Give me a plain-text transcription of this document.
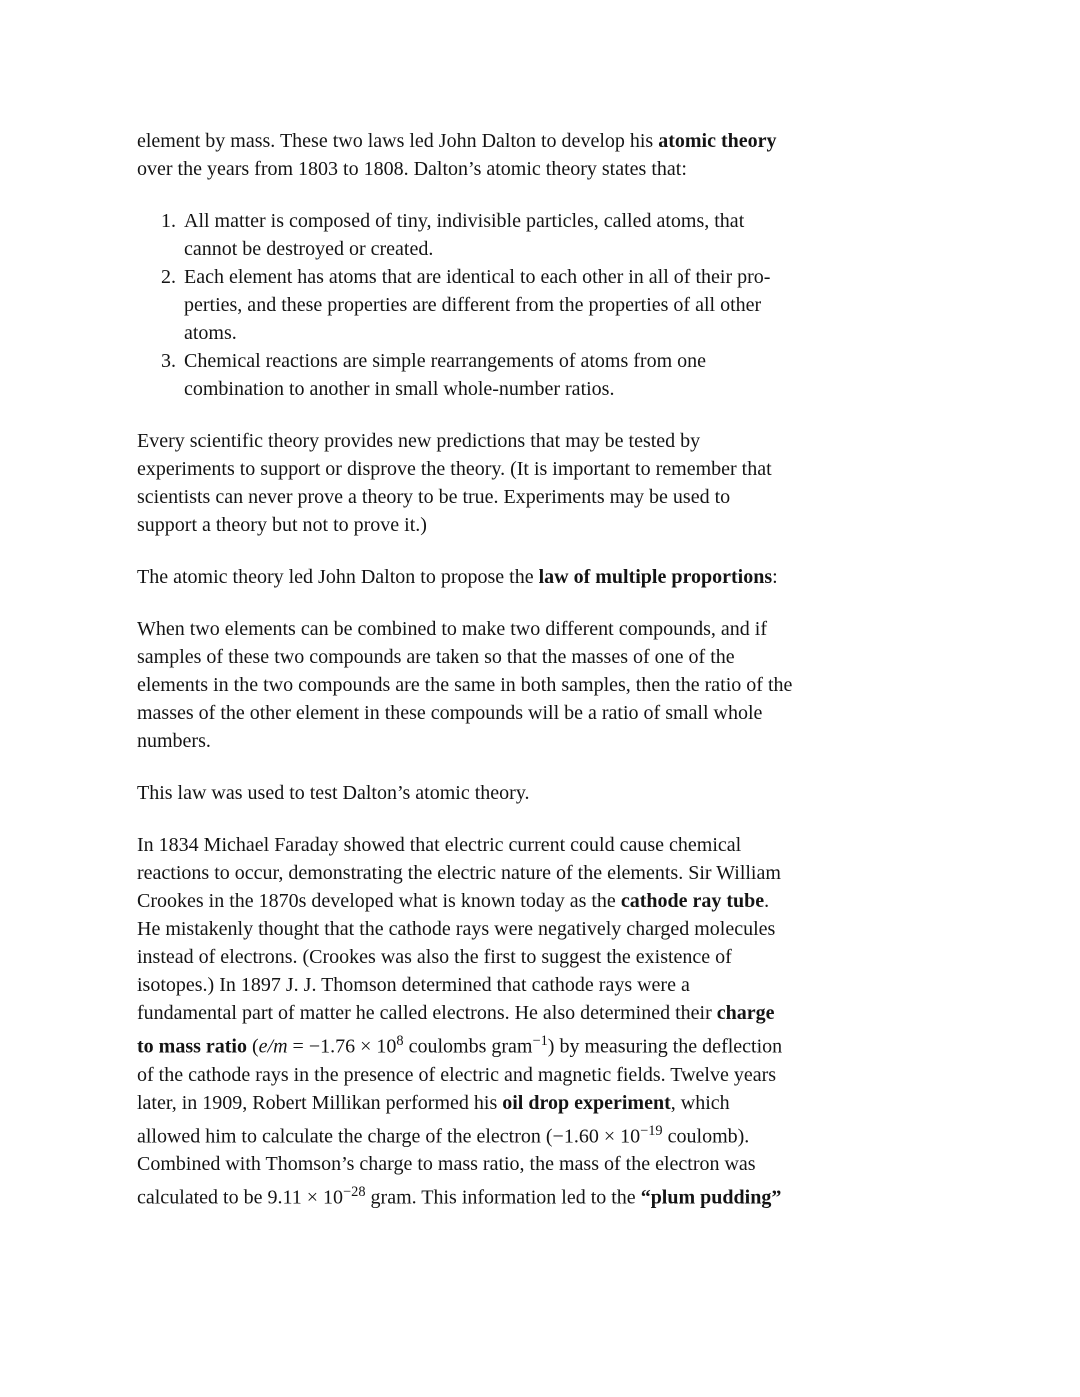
element by mass. These two laws led John Dalton to develop his atomic theory
over the years from 1803 to 1808. Dalton’s atomic theory states that:
1. All matter is composed of tiny, indivisible particles, called atoms, that
cannot be destroyed or created.
2. Each element has atoms that are identical to each other in all of their pro-
perties, and these properties are different from the properties of all other
atoms.
3. Chemical reactions are simple rearrangements of atoms from one
combination to another in small whole-number ratios.
Every scientific theory provides new predictions that may be tested by
experiments to support or disprove the theory. (It is important to remember that
scientists can never prove a theory to be true. Experiments may be used to
support a theory but not to prove it.)
The atomic theory led John Dalton to propose the law of multiple proportions:
When two elements can be combined to make two different compounds, and if
samples of these two compounds are taken so that the masses of one of the
elements in the two compounds are the same in both samples, then the ratio of the
masses of the other element in these compounds will be a ratio of small whole
numbers.
This law was used to test Dalton’s atomic theory.
In 1834 Michael Faraday showed that electric current could cause chemical
reactions to occur, demonstrating the electric nature of the elements. Sir William
Crookes in the 1870s developed what is known today as the cathode ray tube.
He mistakenly thought that the cathode rays were negatively charged molecules
instead of electrons. (Crookes was also the first to suggest the existence of
isotopes.) In 1897 J. J. Thomson determined that cathode rays were a
fundamental part of matter he called electrons. He also determined their charge
to mass ratio ($e/m = -1.76 \times 10^8$ coulombs gram$^{-1}$) by measuring the deflection
of the cathode rays in the presence of electric and magnetic fields. Twelve years
later, in 1909, Robert Millikan performed his oil drop experiment, which
allowed him to calculate the charge of the electron ($-1.60 \times 10^{-19}$ coulomb).
Combined with Thomson’s charge to mass ratio, the mass of the electron was
calculated to be $9.11 \times 10^{-28}$ gram. This information led to the “plum pudding”
